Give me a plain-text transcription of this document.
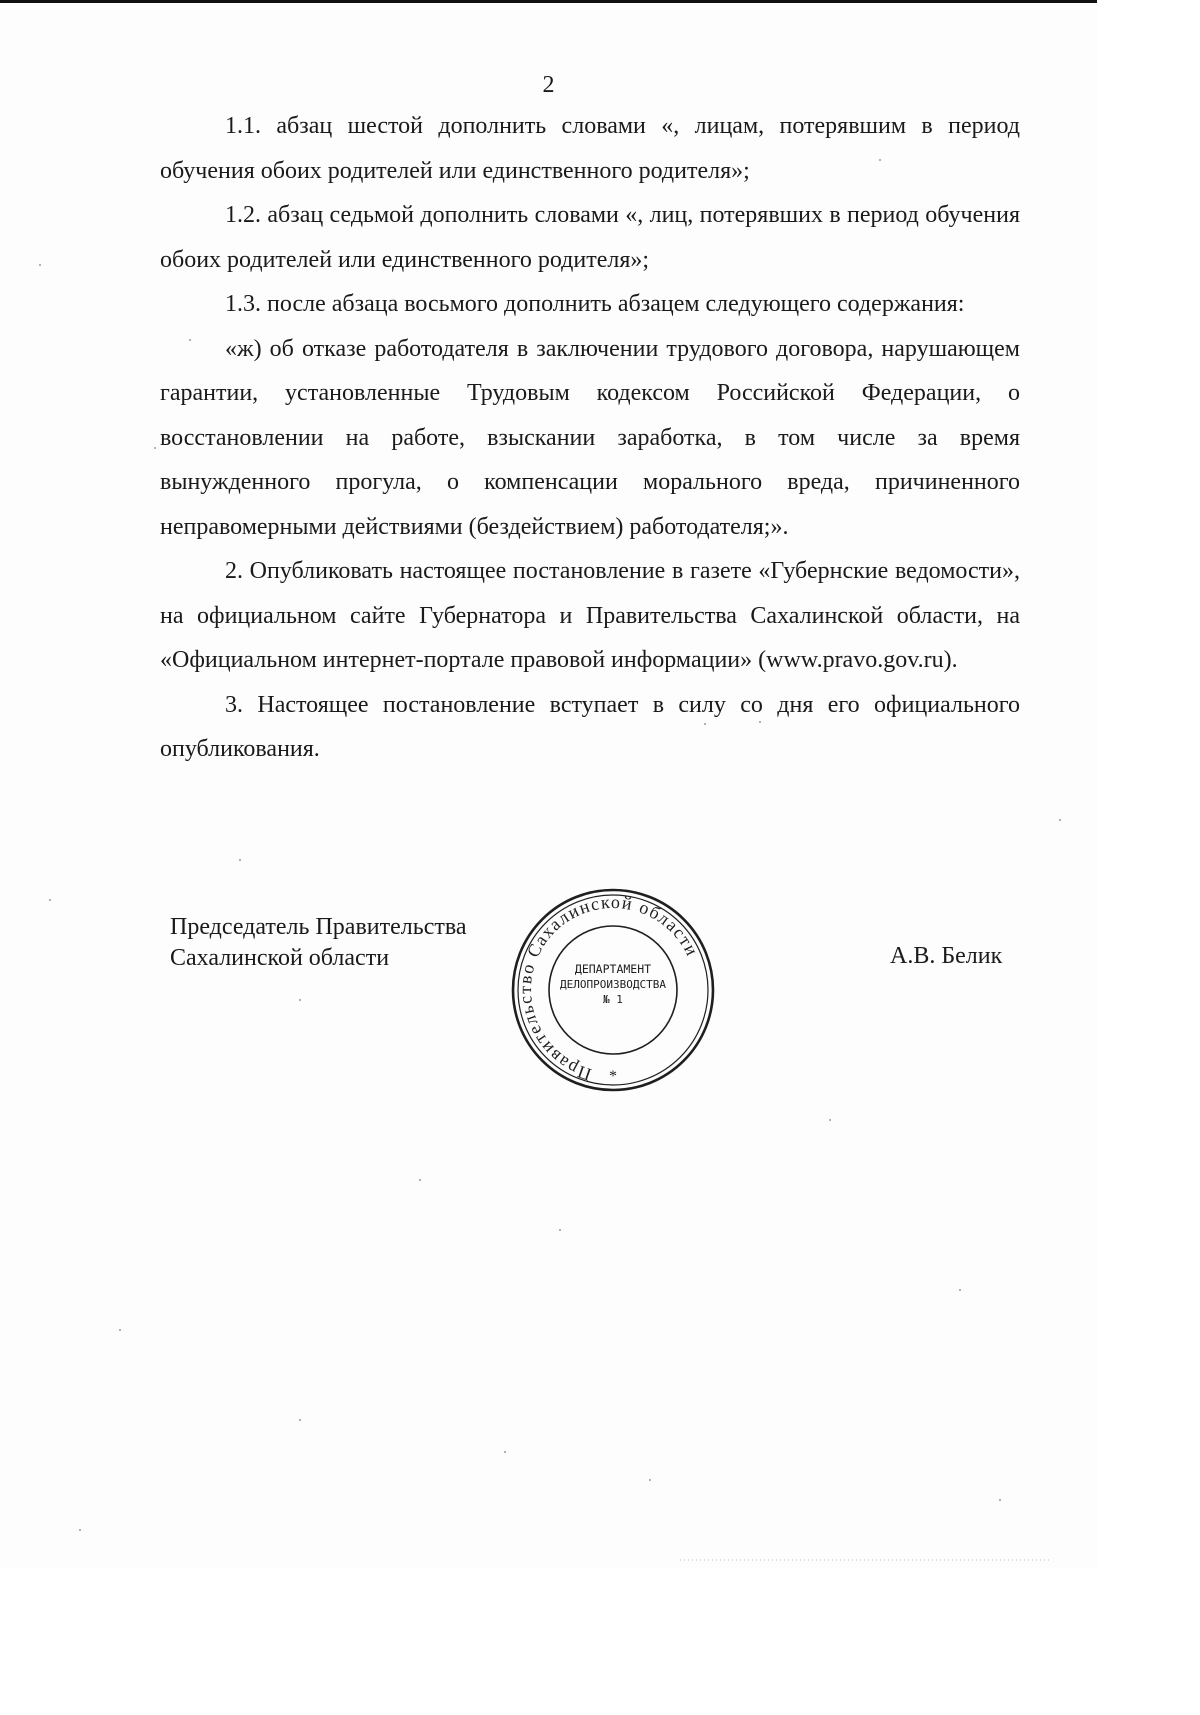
2

1.1. абзац шестой дополнить словами «, лицам, потерявшим в период обучения обоих родителей или единственного родителя»;

1.2. абзац седьмой дополнить словами «, лиц, потерявших в период обучения обоих родителей или единственного родителя»;

1.3. после абзаца восьмого дополнить абзацем следующего содержания:

«ж) об отказе работодателя в заключении трудового договора, нарушающем гарантии, установленные Трудовым кодексом Российской Федерации, о восстановлении на работе, взыскании заработка, в том числе за время вынужденного прогула, о компенсации морального вреда, причиненного неправомерными действиями (бездействием) работодателя;».

2. Опубликовать настоящее постановление в газете «Губернские ведомости», на официальном сайте Губернатора и Правительства Сахалинской области, на «Официальном интернет-портале правовой информации» (www.pravo.gov.ru).

3. Настоящее постановление вступает в силу со дня его официального опубликования.

Председатель Правительства
Сахалинской области	А.В. Белик
Правительство Сахалинской области
ДЕПАРТАМЕНТ
ДЕЛОПРОИЗВОДСТВА
№ 1
*
